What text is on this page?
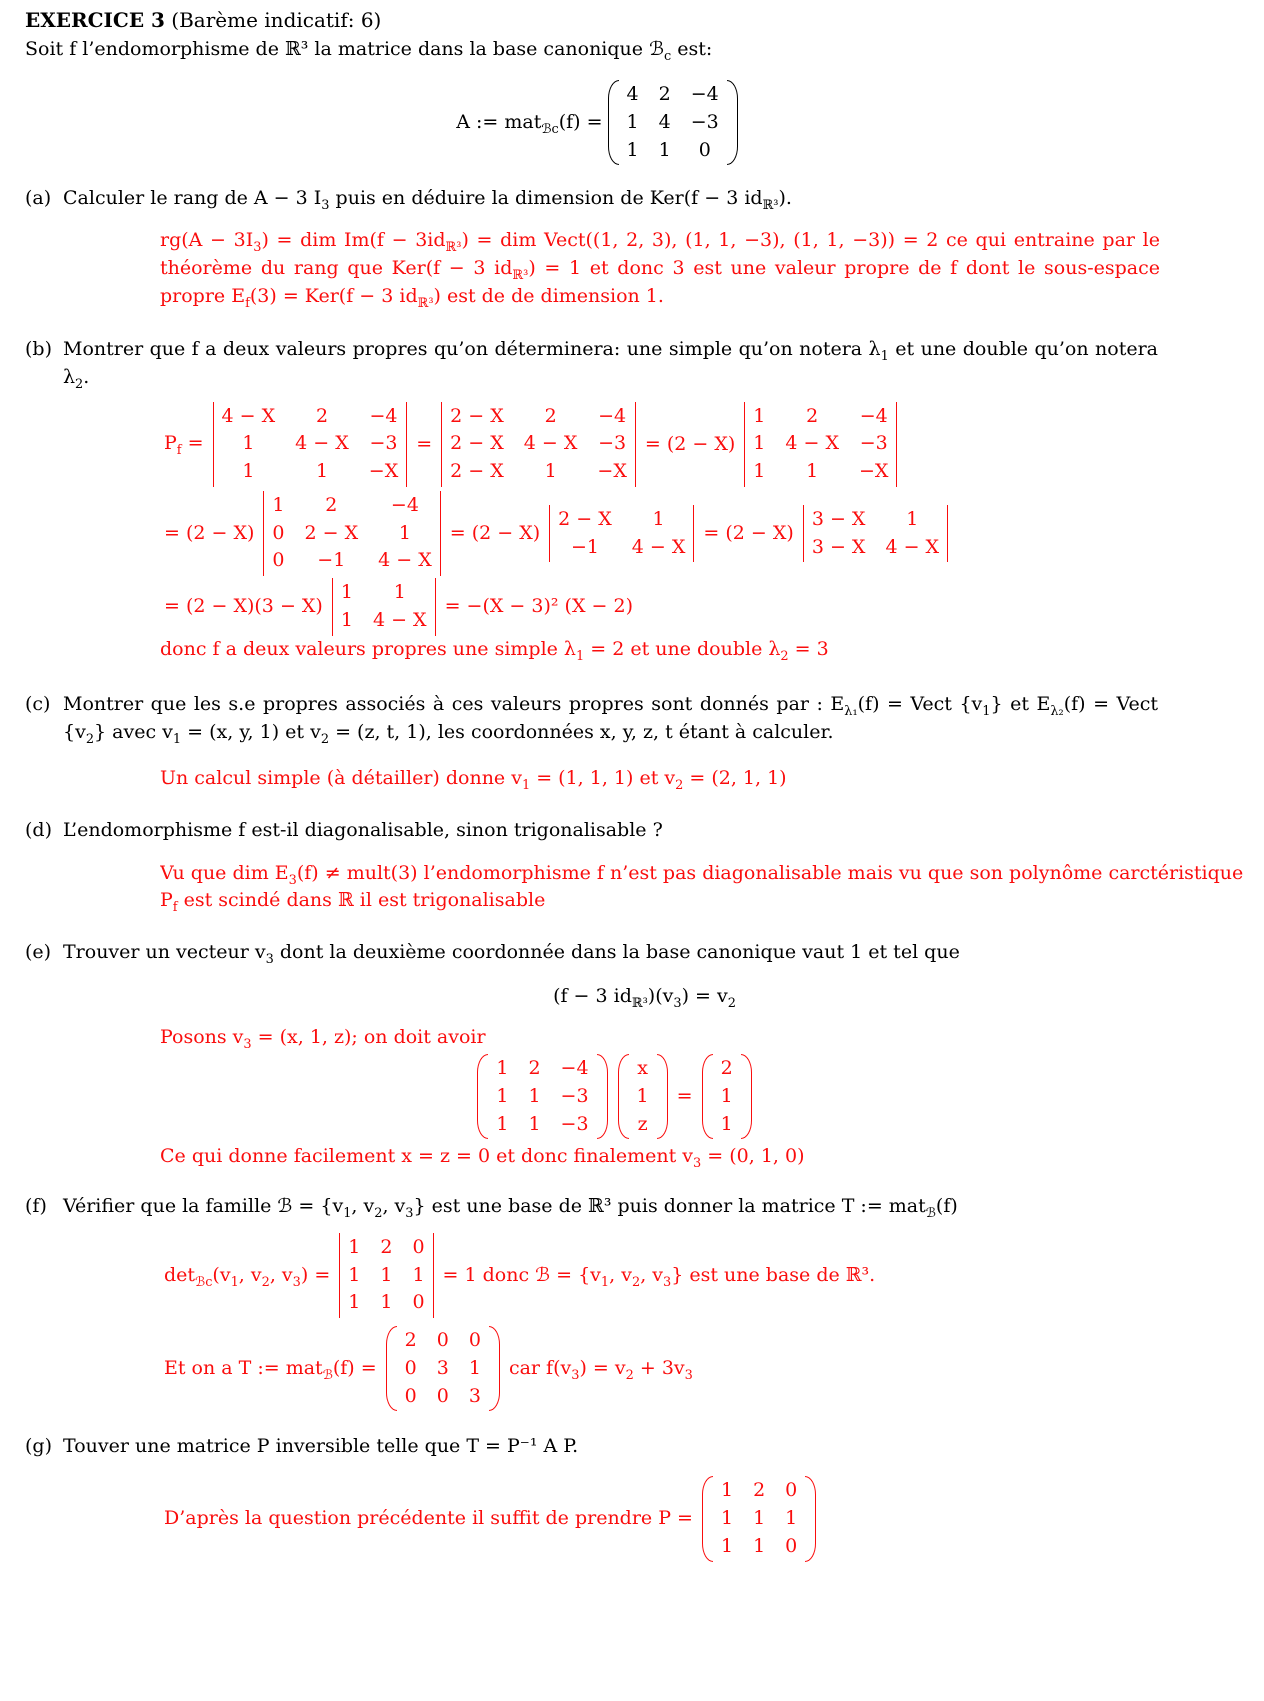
EXERCICE 3 (Barème indicatif: 6)
Soit f l’endomorphisme de ℝ³ la matrice dans la base canonique ℬ$_c$ est:
A := mat$_{ℬc}$(f) =
4 2 −4
1 4 −3
1 1 0
(a) Calculer le rang de A − 3 $I_3$ puis en déduire la dimension de Ker(f − 3 $id_{ℝ^3}$).
$rg(A - 3I_3)$ = dim $Im(f - 3id_{ℝ^3})$ = dim Vect((1, 2, 3), (1, 1, −3), (1, 1, −3)) = 2 ce qui entraine par le théorème du rang que Ker(f − 3 $id_{ℝ^3}) = 1$ et donc 3 est une valeur propre de f dont le sous-espace propre $E_f(3) = Ker(f - 3$ $id_{ℝ^3}$) est de de dimension 1.
(b) Montrer que f a deux valeurs propres qu’on déterminera: une simple qu’on notera $\lambda_1$ et une double qu’on notera $\lambda_2$.
$P_f$ =
4 − X 2 −4
1 4 − X −3
1	1 −X
=
2 − X 2 −4
2 − X 4 − X −3
2 − X 1 −X
= (2 − X)
1 2 −4
1 4 − X −3
1 1 −X
= (2 − X)
1 2	−4
0 2 − X 1
0 −1 4 − X
= (2 − X)
2 − X 1
−1 4 − X
= (2 − X)
3 − X 1
3 − X 4 − X
= (2 − X)(3 − X)
1 1
1 4 − X
= −(X − 3)² (X − 2)
donc f a deux valeurs propres une simple $\lambda_1 = 2$ et une double $\lambda_2 = 3$
(c) Montrer que les s.e propres associés à ces valeurs propres sont donnés par : $E_{\lambda_1}(f)$ = Vect $\{v_1\}$ et $E_{\lambda_2}(f)$ = Vect $\{v_2\}$ avec $v_1 = (x$, y, 1) et $v_2 = (z$, t, 1), les coordonnées x, y, z, t étant à calculer.
Un calcul simple (à détailler) donne $v_1 = (1$, 1, 1) et $v_2 = (2$, 1, 1)
(d) L’endomorphisme f est-il diagonalisable, sinon trigonalisable ?
Vu que dim $E_3(f)$ ≠ mult(3) l’endomorphisme f n’est pas diagonalisable mais vu que son polynôme carctéristique
$P_f$ est scindé dans ℝ il est trigonalisable
(e) Trouver un vecteur $v_3$ dont la deuxième coordonnée dans la base canonique vaut 1 et tel que
(f − 3 $id_{ℝ^3})(v_3) = v_2$
Posons $v_3 = (x$, 1, z); on doit avoir
1 2 −4
1 1 −3
1 1 −3
x
1
z
=
2
1
1
Ce qui donne facilement x = z = 0 et donc finalement $v_3 = (0$, 1, 0)
(f) Vérifier que la famille ℬ = {$v_1$, $v_2$, $v_3$} est une base de ℝ³ puis donner la matrice T := mat$_ℬ$(f)
$\det_{ℬc}(v_1$, $v_2$, $v_3$) =
1 2 0
1 1 1
1 1 0
= 1 donc ℬ = {$v_1$, $v_2$, $v_3$} est une base de ℝ³.
Et on a T := mat$_ℬ$(f) =
2 0 0
0 3 1
0 0 3
car $f(v_3) = v_2 + 3v_3$
(g) Touver une matrice P inversible telle que T = P⁻¹ A P.
D’après la question précédente il suffit de prendre P =
1 2 0
1 1 1
1 1 0
